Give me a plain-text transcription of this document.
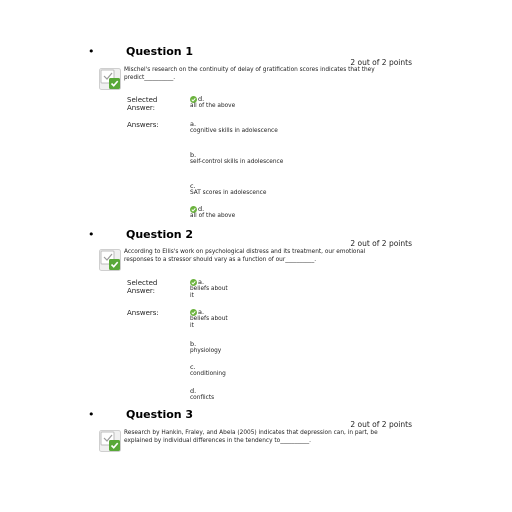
•	Question 1
2 out of 2 points
Mischel's research on the continuity of delay of gratification scores indicates that they predict__________.
Selected Answer:
d.
all of the above
Answers:	a.
cognitive skills in adolescence
b.
self-control skills in adolescence
c.
SAT scores in adolescence
d.
all of the above
•	Question 2
2 out of 2 points
According to Ellis's work on psychological distress and its treatment, our emotional responses to a stressor should vary as a function of our__________.
Selected Answer:
a.
beliefs about it
Answers:	a.
beliefs about it
b.
physiology
c.
conditioning
d.
conflicts
•	Question 3
2 out of 2 points
Research by Hankin, Fraley, and Abela (2005) indicates that depression can, in part, be explained by individual differences in the tendency to__________.
